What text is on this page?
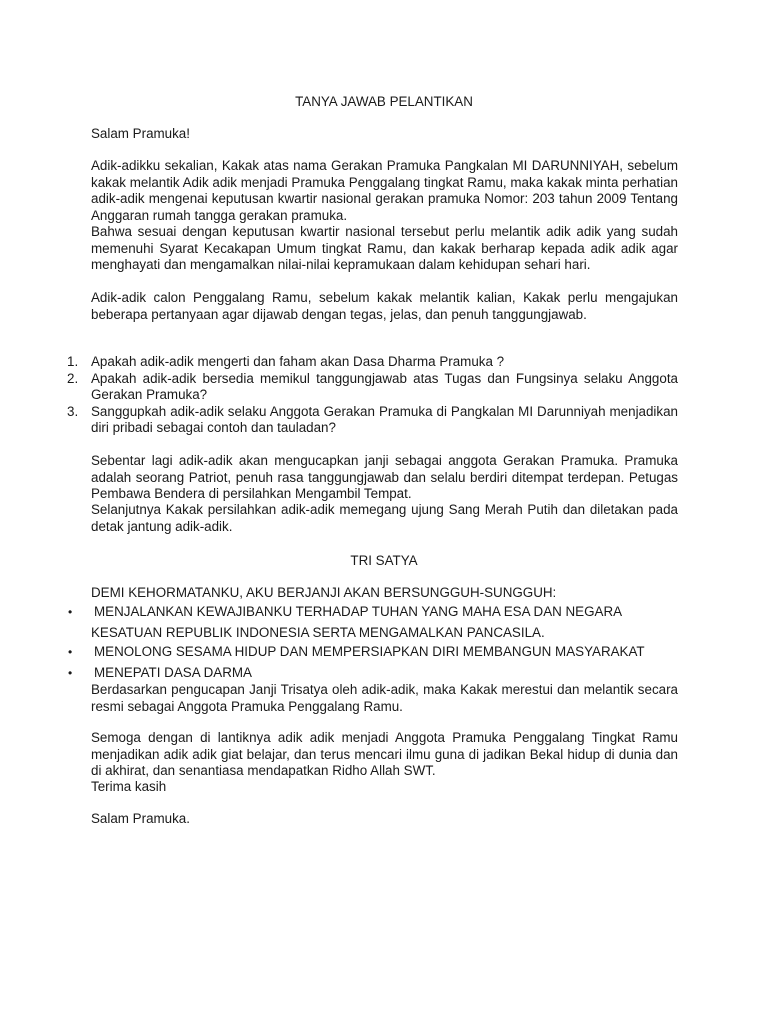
TANYA JAWAB PELANTIKAN

Salam Pramuka!

Adik-adikku sekalian, Kakak atas nama Gerakan Pramuka Pangkalan MI DARUNNIYAH, sebelum kakak melantik Adik adik menjadi Pramuka Penggalang tingkat Ramu, maka kakak minta perhatian adik-adik mengenai keputusan kwartir nasional gerakan pramuka Nomor: 203 tahun 2009 Tentang Anggaran rumah tangga gerakan pramuka.

Bahwa sesuai dengan keputusan kwartir nasional tersebut perlu melantik adik adik yang sudah memenuhi Syarat Kecakapan Umum tingkat Ramu, dan kakak berharap kepada adik adik agar menghayati dan mengamalkan nilai-nilai kepramukaan dalam kehidupan sehari hari.

Adik-adik calon Penggalang Ramu, sebelum kakak melantik kalian, Kakak perlu mengajukan beberapa pertanyaan agar dijawab dengan tegas, jelas, dan penuh tanggungjawab.

1. Apakah adik-adik mengerti dan faham akan Dasa Dharma Pramuka ?
2. Apakah adik-adik bersedia memikul tanggungjawab atas Tugas dan Fungsinya selaku Anggota Gerakan Pramuka?
3. Sanggupkah adik-adik selaku Anggota Gerakan Pramuka di Pangkalan MI Darunniyah menjadikan diri pribadi sebagai contoh dan tauladan?

Sebentar lagi adik-adik akan mengucapkan janji sebagai anggota Gerakan Pramuka. Pramuka adalah seorang Patriot, penuh rasa tanggungjawab dan selalu berdiri ditempat terdepan. Petugas Pembawa Bendera di persilahkan Mengambil Tempat.

Selanjutnya Kakak persilahkan adik-adik memegang ujung Sang Merah Putih dan diletakan pada detak jantung adik-adik.

TRI SATYA

DEMI KEHORMATANKU, AKU BERJANJI AKAN BERSUNGGUH-SUNGGUH:

• MENJALANKAN KEWAJIBANKU TERHADAP TUHAN YANG MAHA ESA DAN NEGARA

KESATUAN REPUBLIK INDONESIA SERTA MENGAMALKAN PANCASILA.

• MENOLONG SESAMA HIDUP DAN MEMPERSIAPKAN DIRI MEMBANGUN MASYARAKAT
• MENEPATI DASA DARMA

Berdasarkan pengucapan Janji Trisatya oleh adik-adik, maka Kakak merestui dan melantik secara resmi sebagai Anggota Pramuka Penggalang Ramu.

Semoga dengan di lantiknya adik adik menjadi Anggota Pramuka Penggalang Tingkat Ramu menjadikan adik adik giat belajar, dan terus mencari ilmu guna di jadikan Bekal hidup di dunia dan di akhirat, dan senantiasa mendapatkan Ridho Allah SWT.

Terima kasih

Salam Pramuka.
